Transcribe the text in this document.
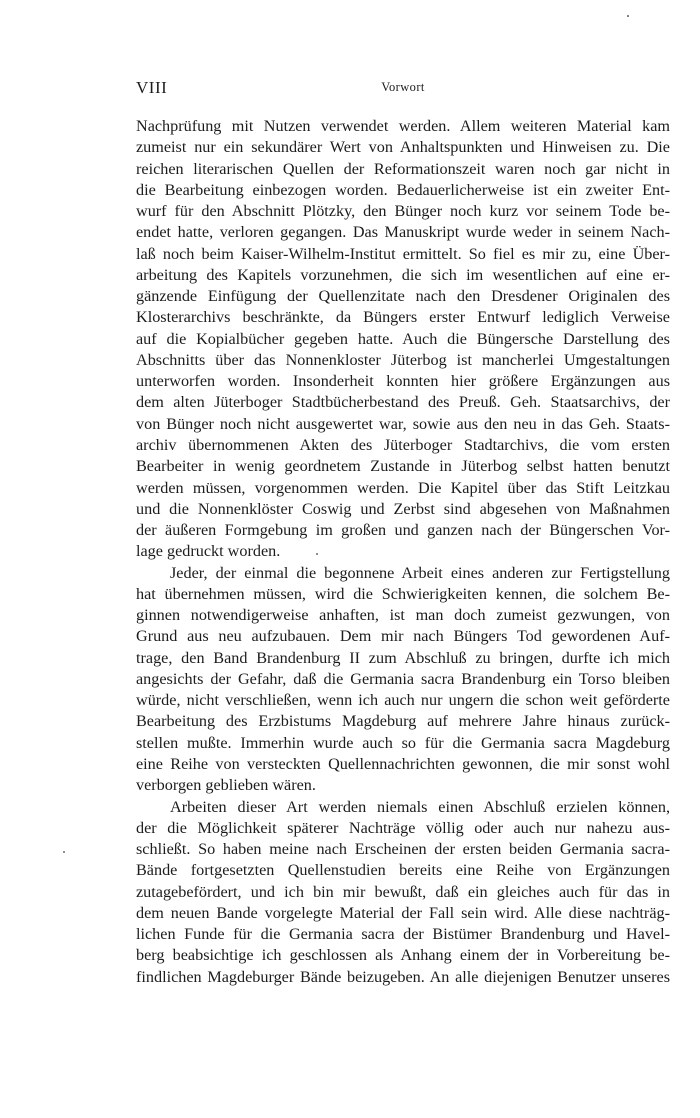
VIII	Vorwort
Nachprüfung mit Nutzen verwendet werden. Allem weiteren Material kam
zumeist nur ein sekundärer Wert von Anhaltspunkten und Hinweisen zu. Die
reichen literarischen Quellen der Reformationszeit waren noch gar nicht in
die Bearbeitung einbezogen worden. Bedauerlicherweise ist ein zweiter Ent-
wurf für den Abschnitt Plötzky, den Bünger noch kurz vor seinem Tode be-
endet hatte, verloren gegangen. Das Manuskript wurde weder in seinem Nach-
laß noch beim Kaiser-Wilhelm-Institut ermittelt. So fiel es mir zu, eine Über-
arbeitung des Kapitels vorzunehmen, die sich im wesentlichen auf eine er-
gänzende Einfügung der Quellenzitate nach den Dresdener Originalen des
Klosterarchivs beschränkte, da Büngers erster Entwurf lediglich Verweise
auf die Kopialbücher gegeben hatte. Auch die Büngersche Darstellung des
Abschnitts über das Nonnenkloster Jüterbog ist mancherlei Umgestaltungen
unterworfen worden. Insonderheit konnten hier größere Ergänzungen aus
dem alten Jüterboger Stadtbücherbestand des Preuß. Geh. Staatsarchivs, der
von Bünger noch nicht ausgewertet war, sowie aus den neu in das Geh. Staats-
archiv übernommenen Akten des Jüterboger Stadtarchivs, die vom ersten
Bearbeiter in wenig geordnetem Zustande in Jüterbog selbst hatten benutzt
werden müssen, vorgenommen werden. Die Kapitel über das Stift Leitzkau
und die Nonnenklöster Coswig und Zerbst sind abgesehen von Maßnahmen
der äußeren Formgebung im großen und ganzen nach der Büngerschen Vor-
lage gedruckt worden.
Jeder, der einmal die begonnene Arbeit eines anderen zur Fertigstellung
hat übernehmen müssen, wird die Schwierigkeiten kennen, die solchem Be-
ginnen notwendigerweise anhaften, ist man doch zumeist gezwungen, von
Grund aus neu aufzubauen. Dem mir nach Büngers Tod gewordenen Auf-
trage, den Band Brandenburg II zum Abschluß zu bringen, durfte ich mich
angesichts der Gefahr, daß die Germania sacra Brandenburg ein Torso bleiben
würde, nicht verschließen, wenn ich auch nur ungern die schon weit geförderte
Bearbeitung des Erzbistums Magdeburg auf mehrere Jahre hinaus zurück-
stellen mußte. Immerhin wurde auch so für die Germania sacra Magdeburg
eine Reihe von versteckten Quellennachrichten gewonnen, die mir sonst wohl
verborgen geblieben wären.
Arbeiten dieser Art werden niemals einen Abschluß erzielen können,
der die Möglichkeit späterer Nachträge völlig oder auch nur nahezu aus-
schließt. So haben meine nach Erscheinen der ersten beiden Germania sacra-
Bände fortgesetzten Quellenstudien bereits eine Reihe von Ergänzungen
zutagebefördert, und ich bin mir bewußt, daß ein gleiches auch für das in
dem neuen Bande vorgelegte Material der Fall sein wird. Alle diese nachträg-
lichen Funde für die Germania sacra der Bistümer Brandenburg und Havel-
berg beabsichtige ich geschlossen als Anhang einem der in Vorbereitung be-
findlichen Magdeburger Bände beizugeben. An alle diejenigen Benutzer unseres
